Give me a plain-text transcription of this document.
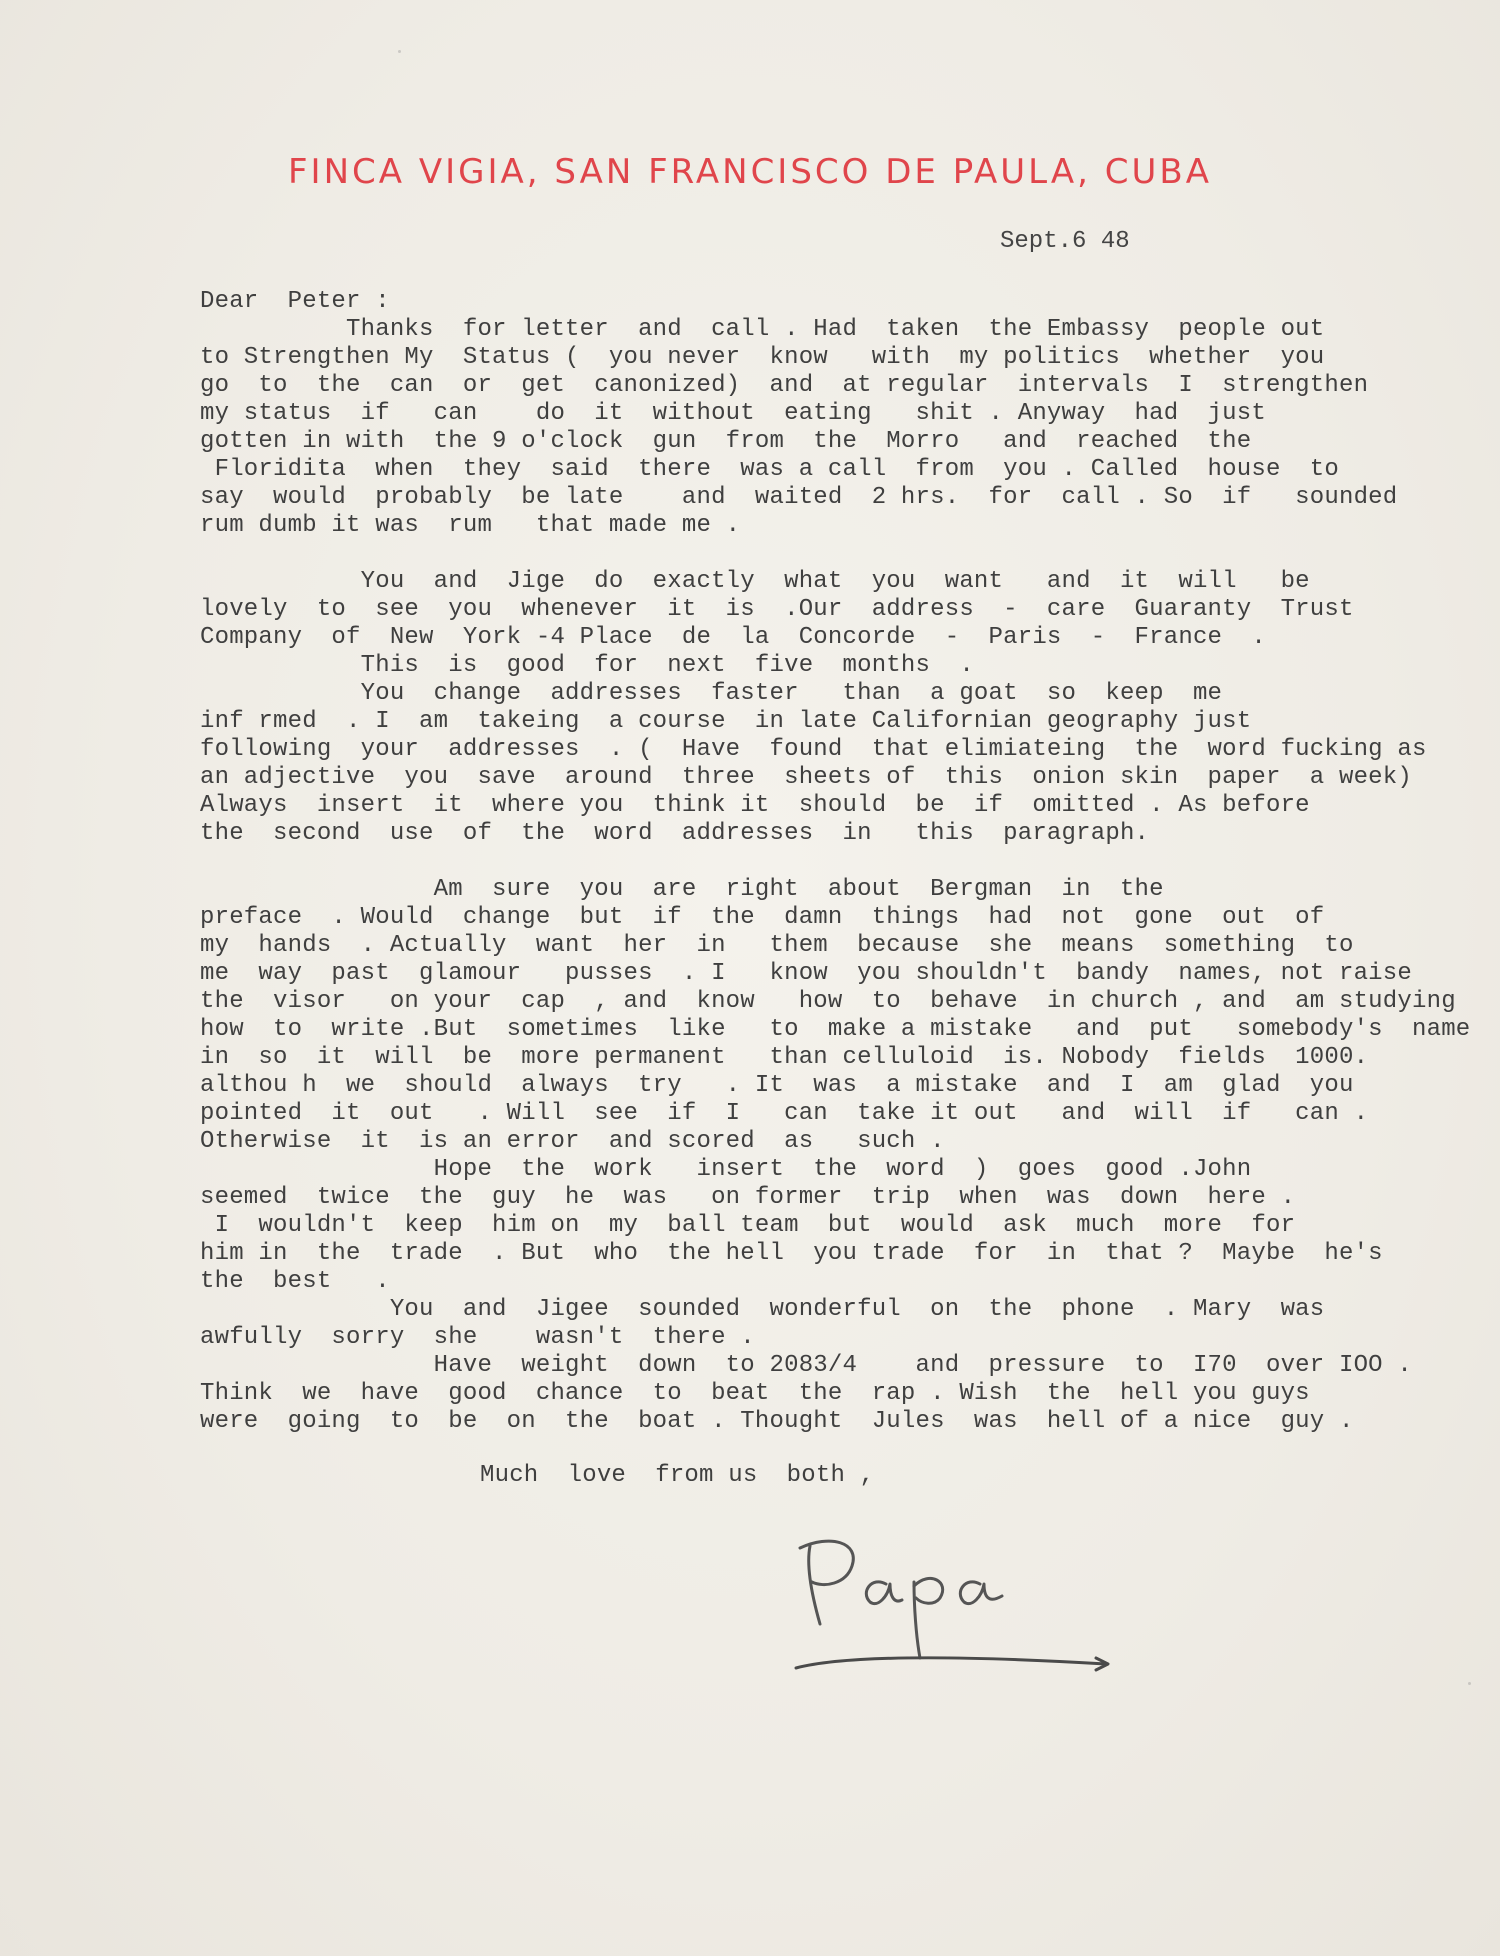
FINCA VIGIA, SAN FRANCISCO DE PAULA, CUBA
Sept.6 48
Dear  Peter :
Thanks  for letter  and  call . Had  taken  the Embassy  people out
to Strengthen My  Status (  you never  know   with  my politics  whether  you
go  to  the  can  or  get  canonized)  and  at regular  intervals  I  strengthen
my status  if   can    do  it  without  eating   shit . Anyway  had  just
gotten in with  the 9 o'clock  gun  from  the  Morro   and  reached  the
Floridita  when  they  said  there  was a call  from  you . Called  house  to
say  would  probably  be late    and  waited  2 hrs.  for  call . So  if   sounded
rum dumb it was  rum   that made me .
You  and  Jige  do  exactly  what  you  want   and  it  will   be
lovely  to  see  you  whenever  it  is  .Our  address  -  care  Guaranty  Trust
Company  of  New  York -4 Place  de  la  Concorde  -  Paris  -  France  .
This  is  good  for  next  five  months  .
You  change  addresses  faster   than  a goat  so  keep  me
inf rmed  . I  am  takeing  a course  in late Californian geography just
following  your  addresses  . (  Have  found  that elimiateing  the  word fucking as
an adjective  you  save  around  three  sheets of  this  onion skin  paper  a week)
Always  insert  it  where you  think it  should  be  if  omitted . As before
the  second  use  of  the  word  addresses  in   this  paragraph.
Am  sure  you  are  right  about  Bergman  in  the
preface  . Would  change  but  if  the  damn  things  had  not  gone  out  of
my  hands  . Actually  want  her  in   them  because  she  means  something  to
me  way  past  glamour   pusses  . I   know  you shouldn't  bandy  names, not raise
the  visor   on your  cap  , and  know   how  to  behave  in church , and  am studying
how  to  write .But  sometimes  like   to  make a mistake   and  put   somebody's  name
in  so  it  will  be  more permanent   than celluloid  is. Nobody  fields  1000.
althou h  we  should  always  try   . It  was  a mistake  and  I  am  glad  you
pointed  it  out   . Will  see  if  I   can  take it out   and  will  if   can .
Otherwise  it  is an error  and scored  as   such .
Hope  the  work   insert  the  word  )  goes  good .John
seemed  twice  the  guy  he  was   on former  trip  when  was  down  here .
I  wouldn't  keep  him on  my  ball team  but  would  ask  much  more  for
him in  the  trade  . But  who  the hell  you trade  for  in  that ?  Maybe  he's
the  best   .
You  and  Jigee  sounded  wonderful  on  the  phone  . Mary  was
awfully  sorry  she    wasn't  there .
Have  weight  down  to 2083/4    and  pressure  to  I70  over IOO .
Think  we  have  good  chance  to  beat  the  rap . Wish  the  hell you guys
were  going  to  be  on  the  boat . Thought  Jules  was  hell of a nice  guy .
Much  love  from us  both ,
